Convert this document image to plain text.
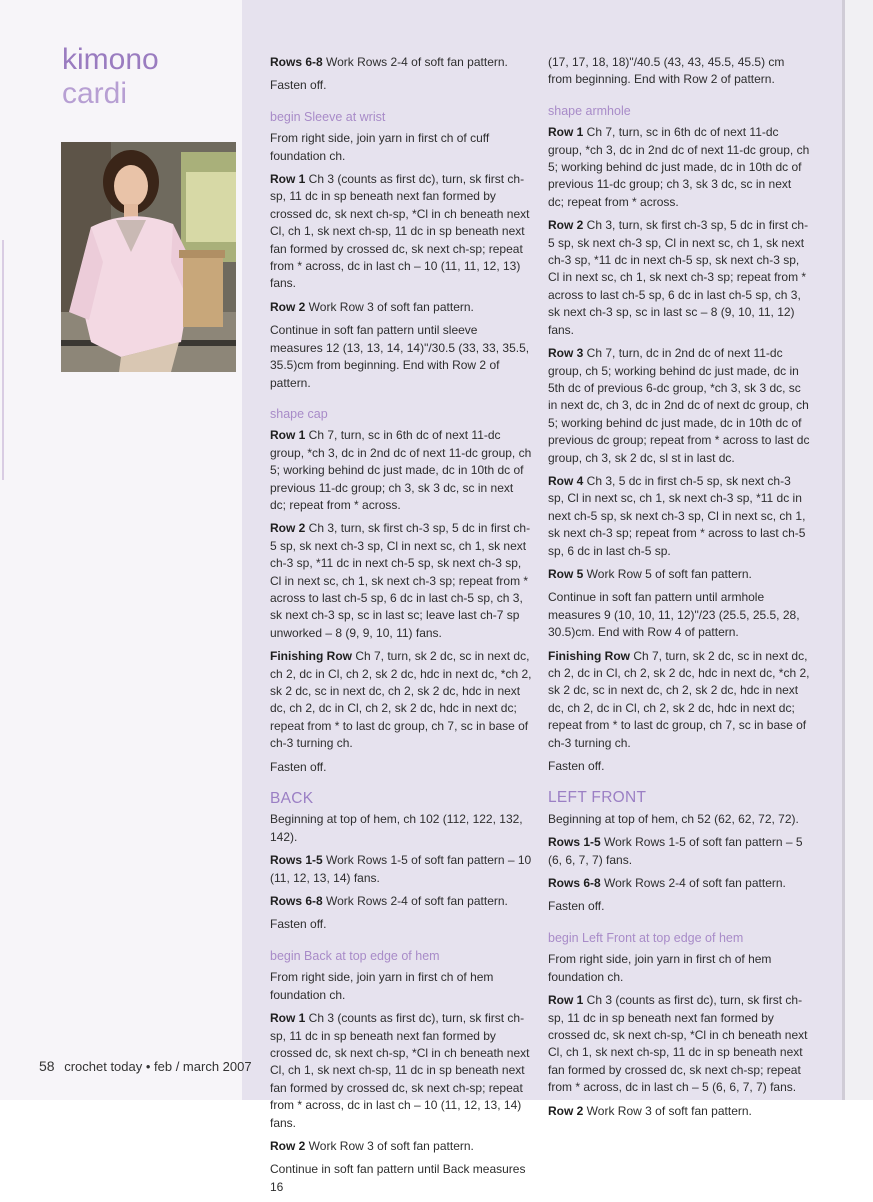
kimono
cardi

Rows 6-8 Work Rows 2-4 of soft fan pattern.

Fasten off.

begin Sleeve at wrist

From right side, join yarn in first ch of cuff foundation ch.

Row 1 Ch 3 (counts as first dc), turn, sk first ch-sp, 11 dc in sp beneath next fan formed by crossed dc, sk next ch-sp, *Cl in ch beneath next Cl, ch 1, sk next ch-sp, 11 dc in sp beneath next fan formed by crossed dc, sk next ch-sp; repeat from * across, dc in last ch – 10 (11, 11, 12, 13) fans.

Row 2 Work Row 3 of soft fan pattern.

Continue in soft fan pattern until sleeve measures 12 (13, 13, 14, 14)"/30.5 (33, 33, 35.5, 35.5)cm from beginning. End with Row 2 of pattern.

shape cap

Row 1 Ch 7, turn, sc in 6th dc of next 11-dc group, *ch 3, dc in 2nd dc of next 11-dc group, ch 5; working behind dc just made, dc in 10th dc of previous 11-dc group; ch 3, sk 3 dc, sc in next dc; repeat from * across.

Row 2 Ch 3, turn, sk first ch-3 sp, 5 dc in first ch-5 sp, sk next ch-3 sp, Cl in next sc, ch 1, sk next ch-3 sp, *11 dc in next ch-5 sp, sk next ch-3 sp, Cl in next sc, ch 1, sk next ch-3 sp; repeat from * across to last ch-5 sp, 6 dc in last ch-5 sp, ch 3, sk next ch-3 sp, sc in last sc; leave last ch-7 sp unworked – 8 (9, 9, 10, 11) fans.

Finishing Row Ch 7, turn, sk 2 dc, sc in next dc, ch 2, dc in Cl, ch 2, sk 2 dc, hdc in next dc, *ch 2, sk 2 dc, sc in next dc, ch 2, sk 2 dc, hdc in next dc, ch 2, dc in Cl, ch 2, sk 2 dc, hdc in next dc; repeat from * to last dc group, ch 7, sc in base of ch-3 turning ch.

Fasten off.

BACK

Beginning at top of hem, ch 102 (112, 122, 132, 142).

Rows 1-5 Work Rows 1-5 of soft fan pattern – 10 (11, 12, 13, 14) fans.

Rows 6-8 Work Rows 2-4 of soft fan pattern.

Fasten off.

begin Back at top edge of hem

From right side, join yarn in first ch of hem foundation ch.

Row 1 Ch 3 (counts as first dc), turn, sk first ch-sp, 11 dc in sp beneath next fan formed by crossed dc, sk next ch-sp, *Cl in ch beneath next Cl, ch 1, sk next ch-sp, 11 dc in sp beneath next fan formed by crossed dc, sk next ch-sp; repeat from * across, dc in last ch – 10 (11, 12, 13, 14) fans.

Row 2 Work Row 3 of soft fan pattern.

Continue in soft fan pattern until Back measures 16

(17, 17, 18, 18)"/40.5 (43, 43, 45.5, 45.5) cm from beginning. End with Row 2 of pattern.

shape armhole

Row 1 Ch 7, turn, sc in 6th dc of next 11-dc group, *ch 3, dc in 2nd dc of next 11-dc group, ch 5; working behind dc just made, dc in 10th dc of previous 11-dc group; ch 3, sk 3 dc, sc in next dc; repeat from * across.

Row 2 Ch 3, turn, sk first ch-3 sp, 5 dc in first ch-5 sp, sk next ch-3 sp, Cl in next sc, ch 1, sk next ch-3 sp, *11 dc in next ch-5 sp, sk next ch-3 sp, Cl in next sc, ch 1, sk next ch-3 sp; repeat from * across to last ch-5 sp, 6 dc in last ch-5 sp, ch 3, sk next ch-3 sp, sc in last sc – 8 (9, 10, 11, 12) fans.

Row 3 Ch 7, turn, dc in 2nd dc of next 11-dc group, ch 5; working behind dc just made, dc in 5th dc of previous 6-dc group, *ch 3, sk 3 dc, sc in next dc, ch 3, dc in 2nd dc of next dc group, ch 5; working behind dc just made, dc in 10th dc of previous dc group; repeat from * across to last dc group, ch 3, sk 2 dc, sl st in last dc.

Row 4 Ch 3, 5 dc in first ch-5 sp, sk next ch-3 sp, Cl in next sc, ch 1, sk next ch-3 sp, *11 dc in next ch-5 sp, sk next ch-3 sp, Cl in next sc, ch 1, sk next ch-3 sp; repeat from * across to last ch-5 sp, 6 dc in last ch-5 sp.

Row 5 Work Row 5 of soft fan pattern.

Continue in soft fan pattern until armhole measures 9 (10, 10, 11, 12)"/23 (25.5, 25.5, 28, 30.5)cm. End with Row 4 of pattern.

Finishing Row Ch 7, turn, sk 2 dc, sc in next dc, ch 2, dc in Cl, ch 2, sk 2 dc, hdc in next dc, *ch 2, sk 2 dc, sc in next dc, ch 2, sk 2 dc, hdc in next dc, ch 2, dc in Cl, ch 2, sk 2 dc, hdc in next dc; repeat from * to last dc group, ch 7, sc in base of ch-3 turning ch.

Fasten off.

LEFT FRONT

Beginning at top of hem, ch 52 (62, 62, 72, 72).

Rows 1-5 Work Rows 1-5 of soft fan pattern – 5 (6, 6, 7, 7) fans.

Rows 6-8 Work Rows 2-4 of soft fan pattern.

Fasten off.

begin Left Front at top edge of hem

From right side, join yarn in first ch of hem foundation ch.

Row 1 Ch 3 (counts as first dc), turn, sk first ch-sp, 11 dc in sp beneath next fan formed by crossed dc, sk next ch-sp, *Cl in ch beneath next Cl, ch 1, sk next ch-sp, 11 dc in sp beneath next fan formed by crossed dc, sk next ch-sp; repeat from * across, dc in last ch – 5 (6, 6, 7, 7) fans.

Row 2 Work Row 3 of soft fan pattern.

58 crochet today • feb / march 2007
